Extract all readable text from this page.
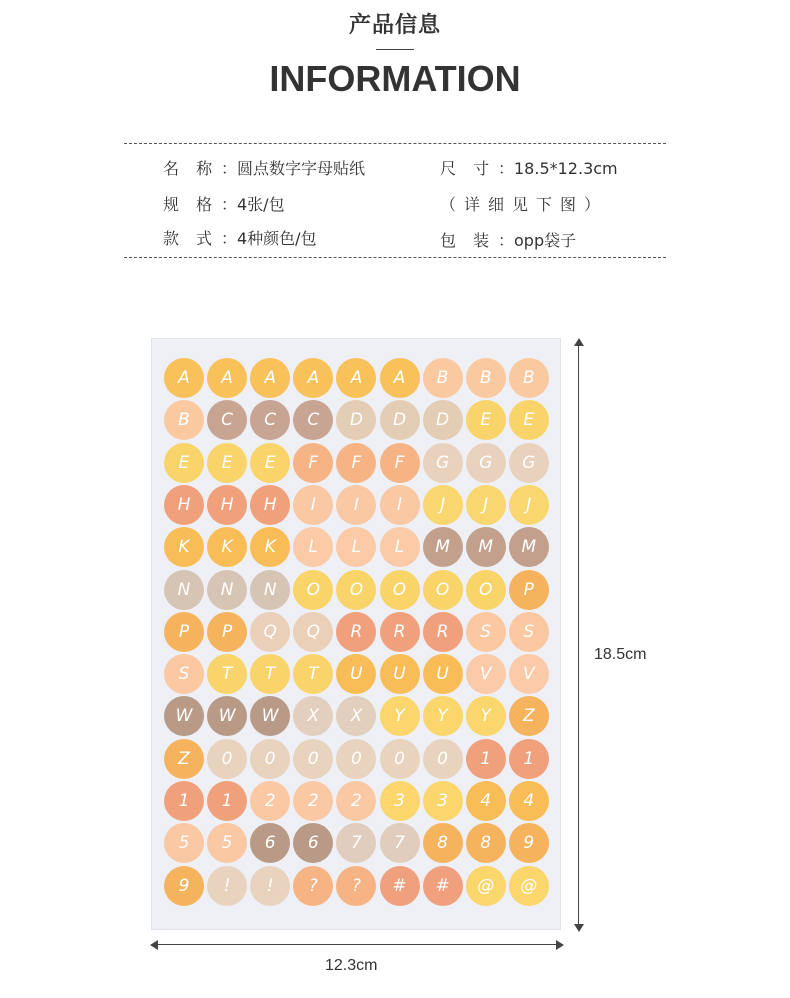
产品信息
INFORMATION
名 称 ：圆点数字字母贴纸	尺 寸 ：18.5*12.3cm
规 格 ：4张/包	（详细见下图）
款 式 ：4种颜色/包	包 装 ：opp袋子
A	A	A	A	A	A	B	B	B
B	C	C	C	D	D	D	E	E
E	E	E	F	F	F	G	G	G
H	H	H	I	I	I	J	J	J
K	K	K	L	L	L	M	M	M
N	N	N	O	O	O	O	O	P
P	P	Q	Q	R	R	R	S	S
S	T	T	T	U	U	U	V	V
W	W	W	X	X	Y	Y	Y	Z
Z	0	0	0	0	0	0	1	1
1	1	2	2	2	3	3	4	4
5	5	6	6	7	7	8	8	9
9	!	!	?	?	#	#	@	@
18.5cm
12.3cm
